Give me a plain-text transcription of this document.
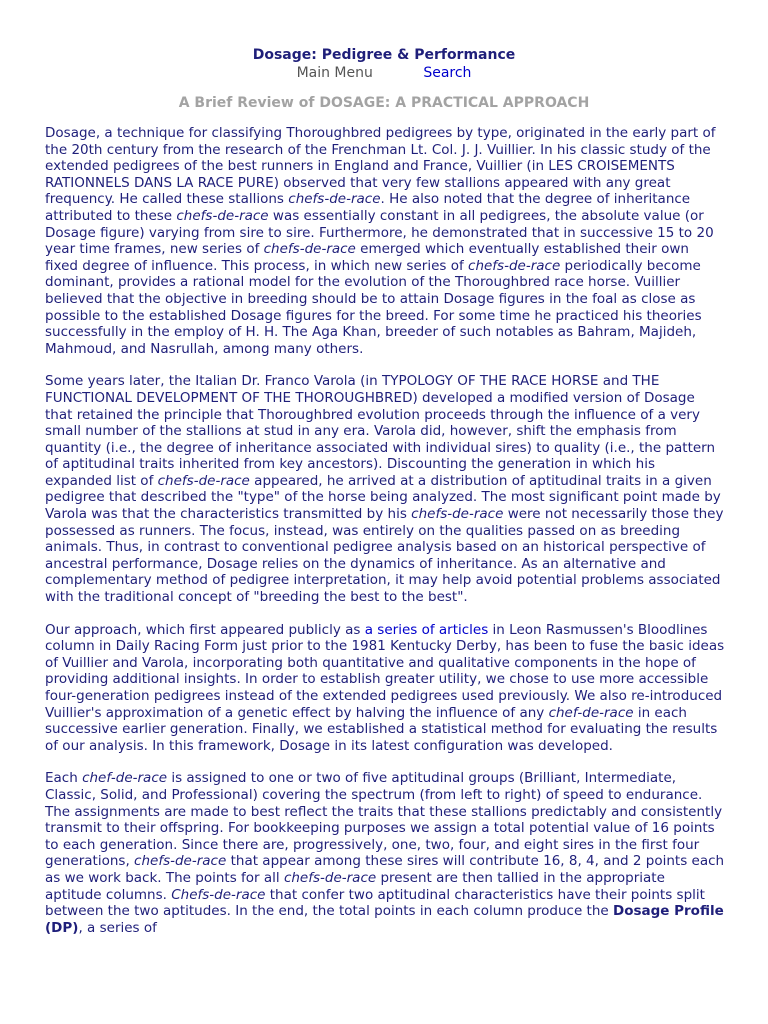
Dosage: Pedigree & Performance
Main Menu	Search
A Brief Review of DOSAGE: A PRACTICAL APPROACH

Dosage, a technique for classifying Thoroughbred pedigrees by type, originated in the early part of the 20th century from the research of the Frenchman Lt. Col. J. J. Vuillier. In his classic study of the extended pedigrees of the best runners in England and France, Vuillier (in LES CROISEMENTS RATIONNELS DANS LA RACE PURE) observed that very few stallions appeared with any great frequency. He called these stallions chefs-de-race. He also noted that the degree of inheritance attributed to these chefs-de-race was essentially constant in all pedigrees, the absolute value (or Dosage figure) varying from sire to sire. Furthermore, he demonstrated that in successive 15 to 20 year time frames, new series of chefs-de-race emerged which eventually established their own fixed degree of influence. This process, in which new series of chefs-de-race periodically become dominant, provides a rational model for the evolution of the Thoroughbred race horse. Vuillier believed that the objective in breeding should be to attain Dosage figures in the foal as close as possible to the established Dosage figures for the breed. For some time he practiced his theories successfully in the employ of H. H. The Aga Khan, breeder of such notables as Bahram, Majideh, Mahmoud, and Nasrullah, among many others.

Some years later, the Italian Dr. Franco Varola (in TYPOLOGY OF THE RACE HORSE and THE FUNCTIONAL DEVELOPMENT OF THE THOROUGHBRED) developed a modified version of Dosage that retained the principle that Thoroughbred evolution proceeds through the influence of a very small number of the stallions at stud in any era. Varola did, however, shift the emphasis from quantity (i.e., the degree of inheritance associated with individual sires) to quality (i.e., the pattern of aptitudinal traits inherited from key ancestors). Discounting the generation in which his expanded list of chefs-de-race appeared, he arrived at a distribution of aptitudinal traits in a given pedigree that described the "type" of the horse being analyzed. The most significant point made by Varola was that the characteristics transmitted by his chefs-de-race were not necessarily those they possessed as runners. The focus, instead, was entirely on the qualities passed on as breeding animals. Thus, in contrast to conventional pedigree analysis based on an historical perspective of ancestral performance, Dosage relies on the dynamics of inheritance. As an alternative and complementary method of pedigree interpretation, it may help avoid potential problems associated with the traditional concept of "breeding the best to the best".

Our approach, which first appeared publicly as a series of articles in Leon Rasmussen's Bloodlines column in Daily Racing Form just prior to the 1981 Kentucky Derby, has been to fuse the basic ideas of Vuillier and Varola, incorporating both quantitative and qualitative components in the hope of providing additional insights. In order to establish greater utility, we chose to use more accessible four-generation pedigrees instead of the extended pedigrees used previously. We also re-introduced Vuillier's approximation of a genetic effect by halving the influence of any chef-de-race in each successive earlier generation. Finally, we established a statistical method for evaluating the results of our analysis. In this framework, Dosage in its latest configuration was developed.

Each chef-de-race is assigned to one or two of five aptitudinal groups (Brilliant, Intermediate, Classic, Solid, and Professional) covering the spectrum (from left to right) of speed to endurance. The assignments are made to best reflect the traits that these stallions predictably and consistently transmit to their offspring. For bookkeeping purposes we assign a total potential value of 16 points to each generation. Since there are, progressively, one, two, four, and eight sires in the first four generations, chefs-de-race that appear among these sires will contribute 16, 8, 4, and 2 points each as we work back. The points for all chefs-de-race present are then tallied in the appropriate aptitude columns. Chefs-de-race that confer two aptitudinal characteristics have their points split between the two aptitudes. In the end, the total points in each column produce the Dosage Profile (DP), a series of
